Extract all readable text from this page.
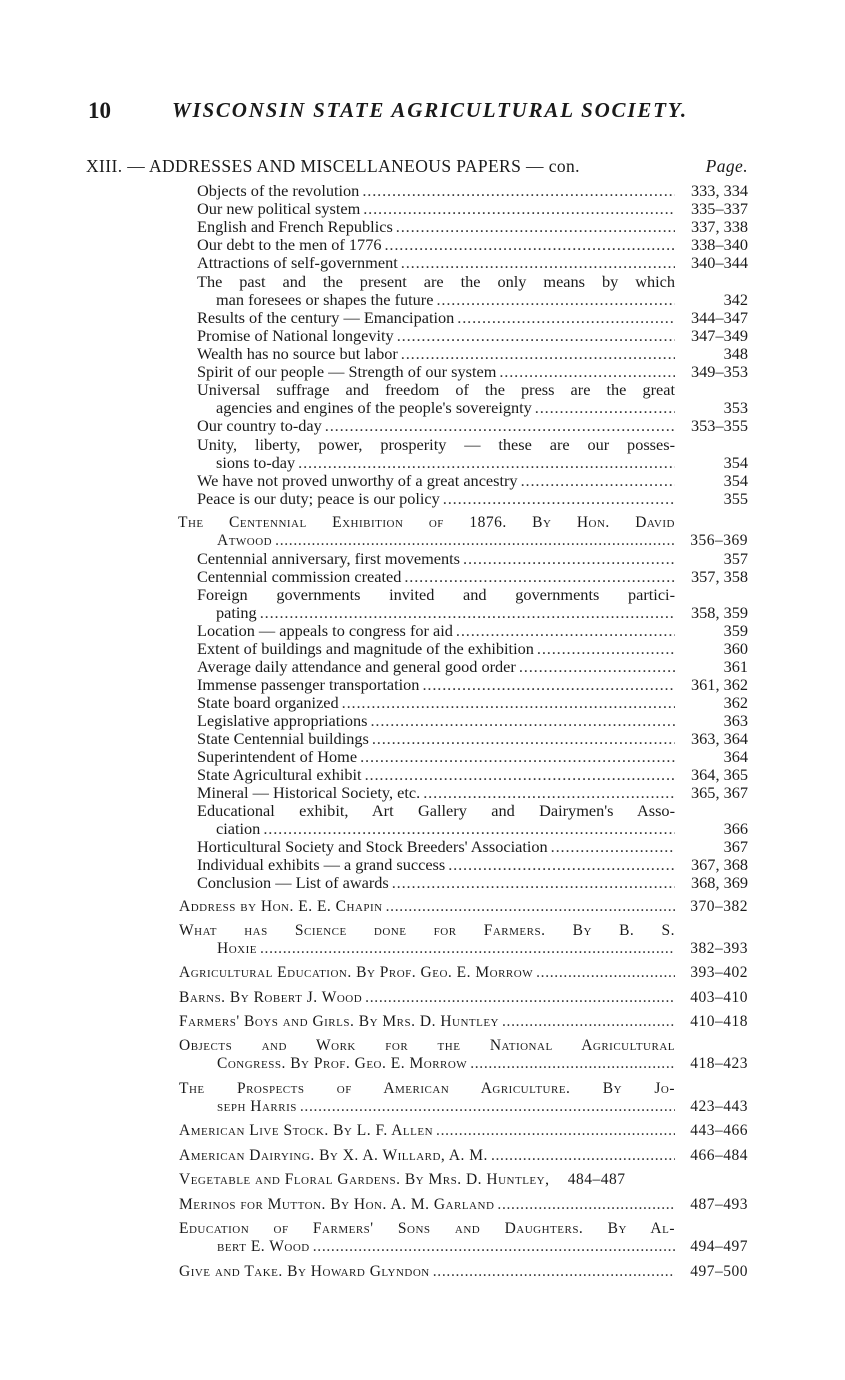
10	WISCONSIN STATE AGRICULTURAL SOCIETY.
XIII. — ADDRESSES AND MISCELLANEOUS PAPERS — con.	Page.
Objects of the revolution . . .	333, 334
Our new political system . . .	335–337
English and French Republics . . .	337, 338
Our debt to the men of 1776 . . .	338–340
Attractions of self-government . . .	340–344
The past and the present are the only means by which
man foresees or shapes the future . . .	342
Results of the century — Emancipation . . .	344–347
Promise of National longevity . . .	347–349
Wealth has no source but labor . . .	348
Spirit of our people — Strength of our system . . .	349–353
Universal suffrage and freedom of the press are the great
agencies and engines of the people's sovereignty . . .	353
Our country to-day . . .	353–355
Unity, liberty, power, prosperity — these are our posses-
sions to-day . . .	354
We have not proved unworthy of a great ancestry . . .	354
Peace is our duty; peace is our policy . . .	355
The Centennial Exhibition of 1876. By Hon. David
Atwood . . .	356–369
Centennial anniversary, first movements . . .	357
Centennial commission created . . .	357, 358
Foreign governments invited and governments partici-
pating . . .	358, 359
Location — appeals to congress for aid . . .	359
Extent of buildings and magnitude of the exhibition . . .	360
Average daily attendance and general good order . . .	361
Immense passenger transportation . . .	361, 362
State board organized . . .	362
Legislative appropriations . . .	363
State Centennial buildings . . .	363, 364
Superintendent of Home . . .	364
State Agricultural exhibit . . .	364, 365
Mineral — Historical Society, etc. . . .	365, 367
Educational exhibit, Art Gallery and Dairymen's Asso-
ciation . . .	366
Horticultural Society and Stock Breeders' Association . . .	367
Individual exhibits — a grand success . . .	367, 368
Conclusion — List of awards . . .	368, 369
Address by Hon. E. E. Chapin . . .	370–382
What has Science done for Farmers. By B. S.
Hoxie . . .	382–393
Agricultural Education. By Prof. Geo. E. Morrow . . .	393–402
Barns. By Robert J. Wood . . .	403–410
Farmers' Boys and Girls. By Mrs. D. Huntley . . .	410–418
Objects and Work for the National Agricultural
Congress. By Prof. Geo. E. Morrow . . .	418–423
The Prospects of American Agriculture. By Jo-
seph Harris . . .	423–443
American Live Stock. By L. F. Allen . . .	443–466
American Dairying. By X. A. Willard, A. M. . . .	466–484
Vegetable and Floral Gardens. By Mrs. D. Huntley,	484–487
Merinos for Mutton. By Hon. A. M. Garland . . .	487–493
Education of Farmers' Sons and Daughters. By Al-
bert E. Wood . . .	494–497
Give and Take. By Howard Glyndon . . .	497–500
